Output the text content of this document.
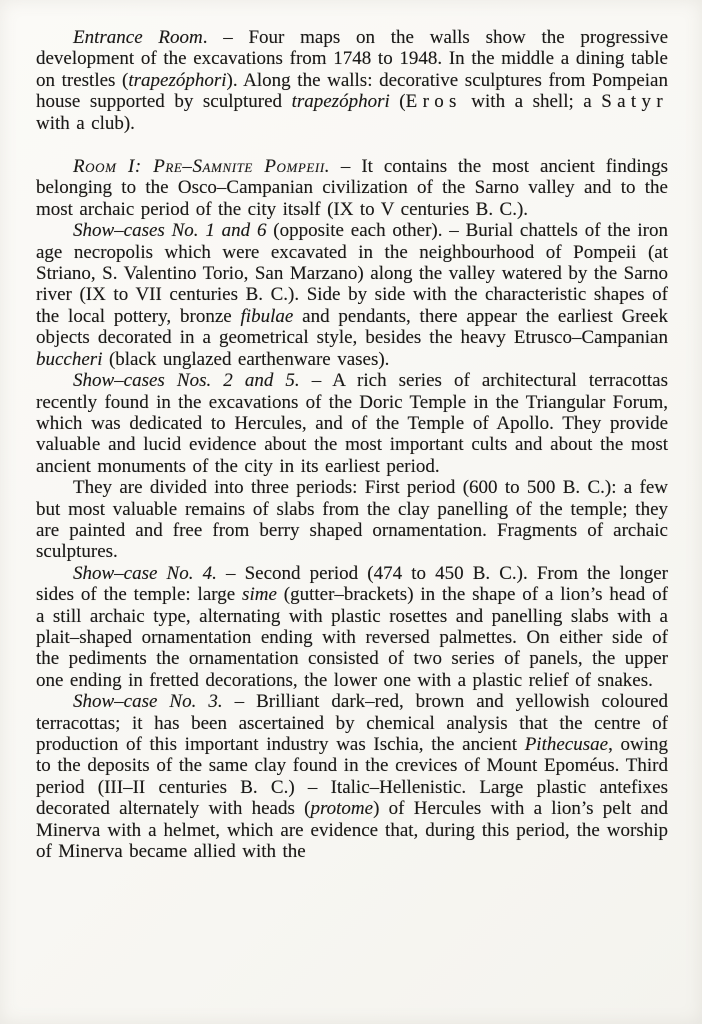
Entrance Room. – Four maps on the walls show the progressive development of the excavations from 1748 to 1948. In the middle a dining table on trestles (trapezóphori). Along the walls: decorative sculptures from Pompeian house supported by sculptured trapezóphori (Eros with a shell; a Satyr with a club).

Room I: Pre–Samnite Pompeii. – It contains the most ancient findings belonging to the Osco–Campanian civilization of the Sarno valley and to the most archaic period of the city itsəlf (IX to V centuries B. C.).

Show–cases No. 1 and 6 (opposite each other). – Burial chattels of the iron age necropolis which were excavated in the neighbourhood of Pompeii (at Striano, S. Valentino Torio, San Marzano) along the valley watered by the Sarno river (IX to VII centuries B. C.). Side by side with the characteristic shapes of the local pottery, bronze fibulae and pendants, there appear the earliest Greek objects decorated in a geometrical style, besides the heavy Etrusco–Campanian buccheri (black unglazed earthenware vases).

Show–cases Nos. 2 and 5. – A rich series of architectural terracottas recently found in the excavations of the Doric Temple in the Triangular Forum, which was dedicated to Hercules, and of the Temple of Apollo. They provide valuable and lucid evidence about the most important cults and about the most ancient monuments of the city in its earliest period.

They are divided into three periods: First period (600 to 500 B. C.): a few but most valuable remains of slabs from the clay panelling of the temple; they are painted and free from berry shaped ornamentation. Fragments of archaic sculptures.

Show–case No. 4. – Second period (474 to 450 B. C.). From the longer sides of the temple: large sime (gutter–brackets) in the shape of a lion’s head of a still archaic type, alternating with plastic rosettes and panelling slabs with a plait–shaped ornamentation ending with reversed palmettes. On either side of the pediments the ornamentation consisted of two series of panels, the upper one ending in fretted decorations, the lower one with a plastic relief of snakes.

Show–case No. 3. – Brilliant dark–red, brown and yellowish coloured terracottas; it has been ascertained by chemical analysis that the centre of production of this important industry was Ischia, the ancient Pithecusae, owing to the deposits of the same clay found in the crevices of Mount Epoméus. Third period (III–II centuries B. C.) – Italic–Hellenistic. Large plastic antefixes decorated alternately with heads (protome) of Hercules with a lion’s pelt and Minerva with a helmet, which are evidence that, during this period, the worship of Minerva became allied with the
